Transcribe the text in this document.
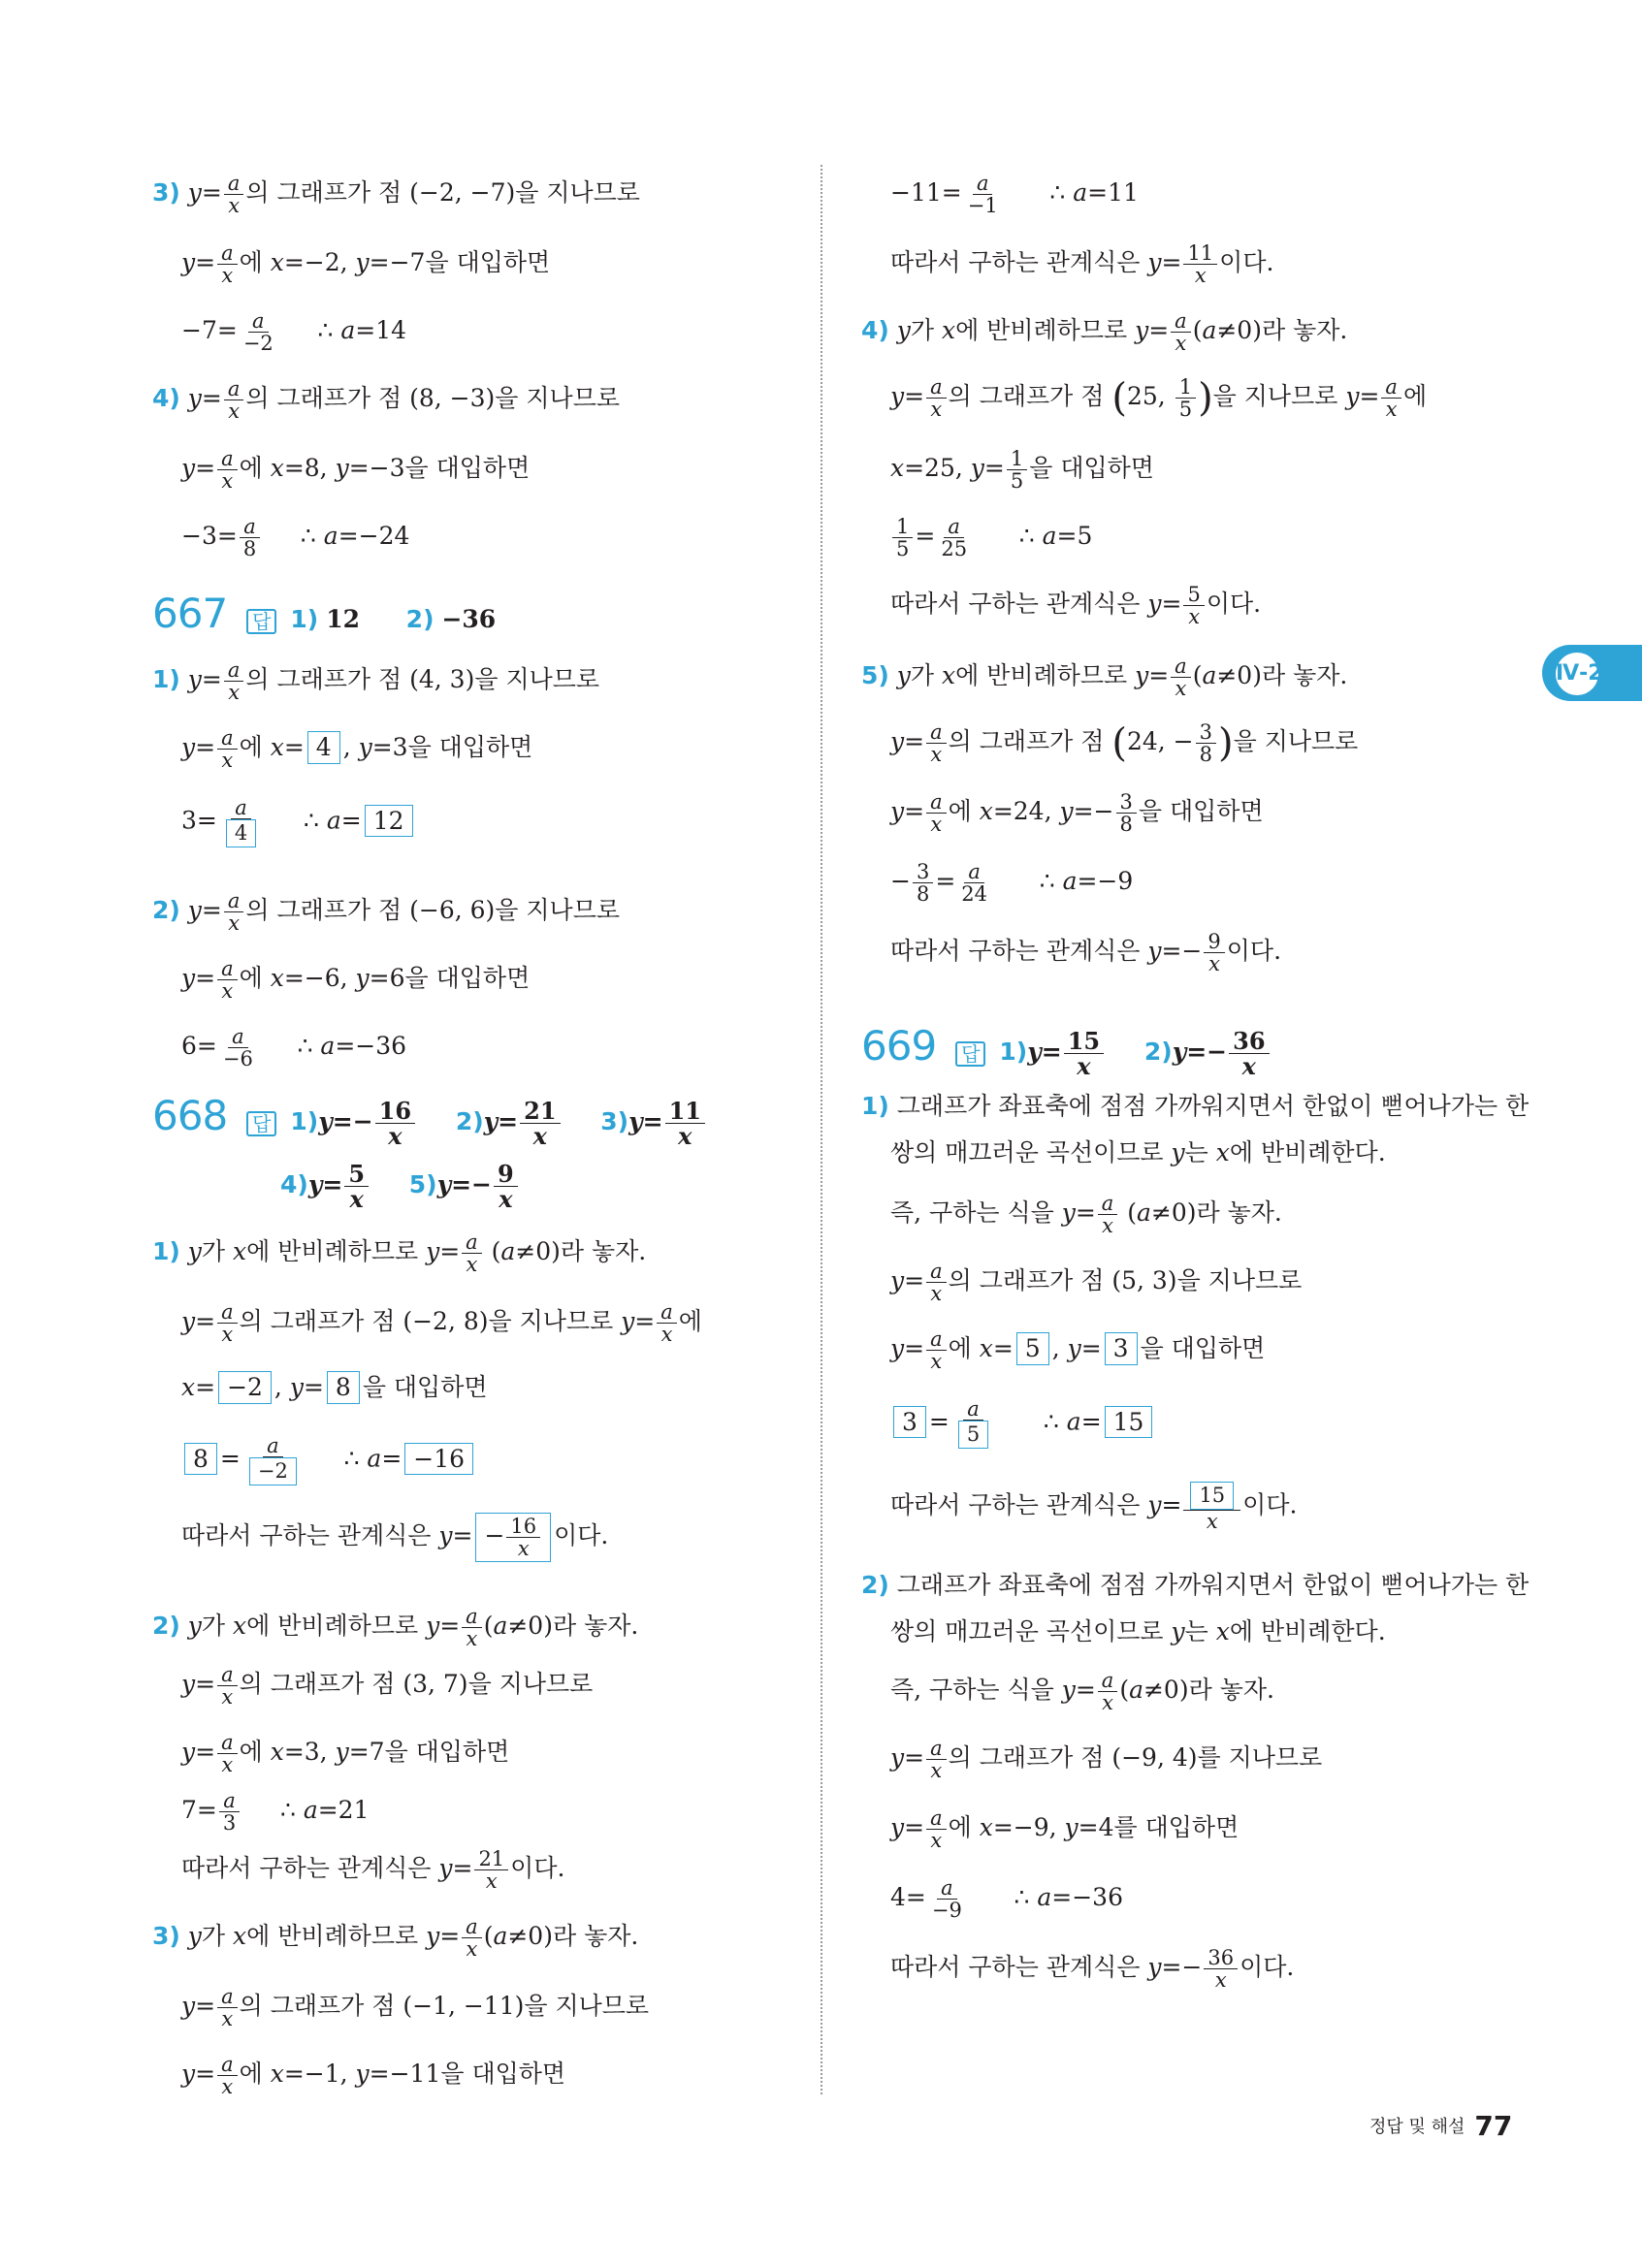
Ⅳ-2
3) $y= \frac{a}{x}$ 의 그래프가 점 (−2, −7)을 지나므로
$y= \frac{a}{x}$ 에 x=−2, y=−7을 대입하면
$-7= \frac{a}{-2}$ ∴ a=14
4) $y= \frac{a}{x}$ 의 그래프가 점 (8, −3)을 지나므로
$y= \frac{a}{x}$ 에 x=8, y=−3을 대입하면
$-3= \frac{a}{8}$ ∴ a=−24
667 답 1) 12 2) −36
1) $y= \frac{a}{x}$ 의 그래프가 점 (4, 3)을 지나므로
$y= \frac{a}{x}$ 에 x= 4 , y=3을 대입하면
$3= \frac{a}{4}$ ∴ a= 12
2) $y= \frac{a}{x}$ 의 그래프가 점 (−6, 6)을 지나므로
$y= \frac{a}{x}$ 에 x=−6, y=6을 대입하면
$6= \frac{a}{-6}$ ∴ a=−36
668 답 $1)y=- \frac{16}{x} 2)y= \frac{21}{x} 3)y= \frac{11}{x}$
$4)y= \frac{5}{x} 5)y=- \frac{9}{x}$
1) y가 x에 반비례하므로 $y= \frac{a}{x} (a\ne 0)$라 놓자.
$y= \frac{a}{x}$ 의 그래프가 점 (−2, 8)을 지나므로 $y= \frac{a}{x}$ 에
x= −2 , y= 8 을 대입하면
$8 = \frac{a}{-2}$ ∴ a= −16
따라서 구하는 관계식은 $y= - \frac{16}{x}$ 이다.
2) y가 x에 반비례하므로 $y= \frac{a}{x} (a\ne 0)$라 놓자.
$y= \frac{a}{x}$ 의 그래프가 점 (3, 7)을 지나므로
$y= \frac{a}{x}$ 에 x=3, y=7을 대입하면
$7= \frac{a}{3}$ ∴ a=21
따라서 구하는 관계식은 $y= \frac{21}{x}$ 이다.
3) y가 x에 반비례하므로 $y= \frac{a}{x} (a\ne 0)$라 놓자.
$y= \frac{a}{x}$ 의 그래프가 점 (−1, −11)을 지나므로
$y= \frac{a}{x}$ 에 x=−1, y=−11을 대입하면
$-11= \frac{a}{-1}$ ∴ a=11
따라서 구하는 관계식은 $y= \frac{11}{x}$ 이다.
4) y가 x에 반비례하므로 $y= \frac{a}{x} (a\ne 0)$라 놓자.
$y= \frac{a}{x}$ 의 그래프가 점 (25, $\frac{1}{5}$ )을 지나므로 $y= \frac{a}{x}$ 에
x=25, $y= \frac{1}{5}$ 을 대입하면
$\frac{1}{5} = \frac{a}{25}$ ∴ a=5
따라서 구하는 관계식은 $y= \frac{5}{x}$ 이다.
5) y가 x에 반비례하므로 $y= \frac{a}{x} (a\ne 0)$라 놓자.
$y= \frac{a}{x}$ 의 그래프가 점 (24, − $\frac{3}{8}$ )을 지나므로
$y= \frac{a}{x}$ 에 x=24, $y=- \frac{3}{8}$ 을 대입하면
− $\frac{3}{8} = \frac{a}{24}$ ∴ a=−9
따라서 구하는 관계식은 $y=- \frac{9}{x}$ 이다.
669 답 $1)y= \frac{15}{x} 2)y=- \frac{36}{x}$
1) 그래프가 좌표축에 점점 가까워지면서 한없이 뻗어나가는 한
쌍의 매끄러운 곡선이므로 y는 x에 반비례한다.
즉, 구하는 식을 $y= \frac{a}{x} (a\ne 0)$라 놓자.
$y= \frac{a}{x}$ 의 그래프가 점 (5, 3)을 지나므로
$y= \frac{a}{x}$ 에 x= 5 , y= 3 을 대입하면
$3 = \frac{a}{5}$ ∴ a= 15
따라서 구하는 관계식은 $y= \frac{15}{x}$ 이다.
2) 그래프가 좌표축에 점점 가까워지면서 한없이 뻗어나가는 한
쌍의 매끄러운 곡선이므로 y는 x에 반비례한다.
즉, 구하는 식을 $y= \frac{a}{x} (a\ne 0)$라 놓자.
$y= \frac{a}{x}$ 의 그래프가 점 (−9, 4)를 지나므로
$y= \frac{a}{x}$ 에 x=−9, y=4를 대입하면
$4= \frac{a}{-9}$ ∴ a=−36
따라서 구하는 관계식은 $y=- \frac{36}{x}$ 이다.
정답 및 해설 77
